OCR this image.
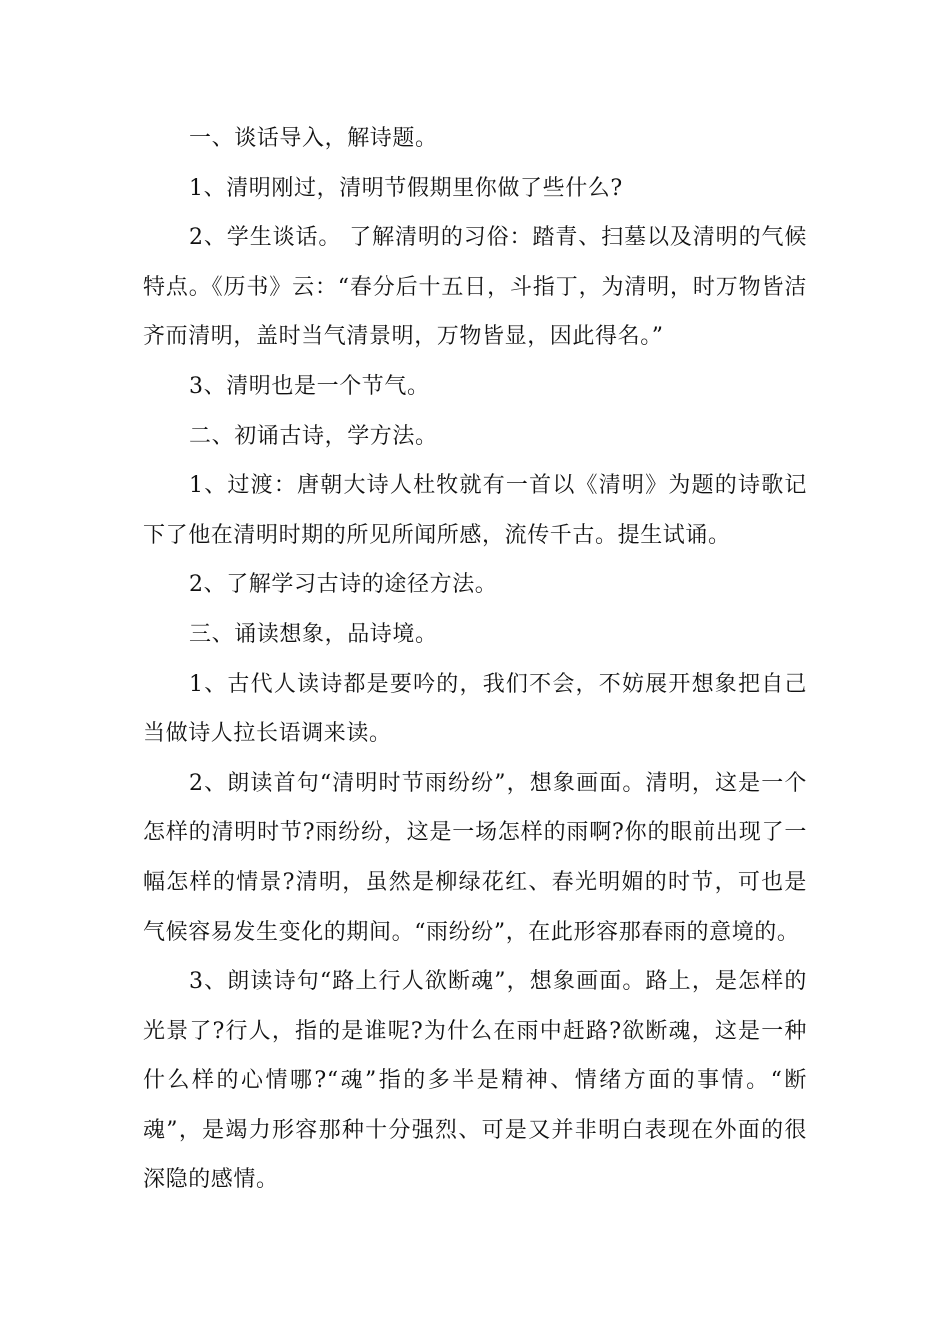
一、谈话导入，解诗题。

1、清明刚过，清明节假期里你做了些什么?

2、学生谈话。 了解清明的习俗：踏青、扫墓以及清明的气候特点。《历书》云：“春分后十五日，斗指丁，为清明，时万物皆洁齐而清明，盖时当气清景明，万物皆显，因此得名。”

3、清明也是一个节气。

二、初诵古诗，学方法。

1、过渡：唐朝大诗人杜牧就有一首以《清明》为题的诗歌记下了他在清明时期的所见所闻所感，流传千古。提生试诵。

2、了解学习古诗的途径方法。

三、诵读想象，品诗境。

1、古代人读诗都是要吟的，我们不会，不妨展开想象把自己当做诗人拉长语调来读。

2、朗读首句“清明时节雨纷纷”，想象画面。清明，这是一个怎样的清明时节?雨纷纷，这是一场怎样的雨啊?你的眼前出现了一幅怎样的情景?清明，虽然是柳绿花红、春光明媚的时节，可也是气候容易发生变化的期间。“雨纷纷”，在此形容那春雨的意境的。

3、朗读诗句“路上行人欲断魂”，想象画面。路上，是怎样的光景了?行人，指的是谁呢?为什么在雨中赶路?欲断魂，这是一种什么样的心情哪?“魂”指的多半是精神、情绪方面的事情。“断魂”，是竭力形容那种十分强烈、可是又并非明白表现在外面的很深隐的感情。
